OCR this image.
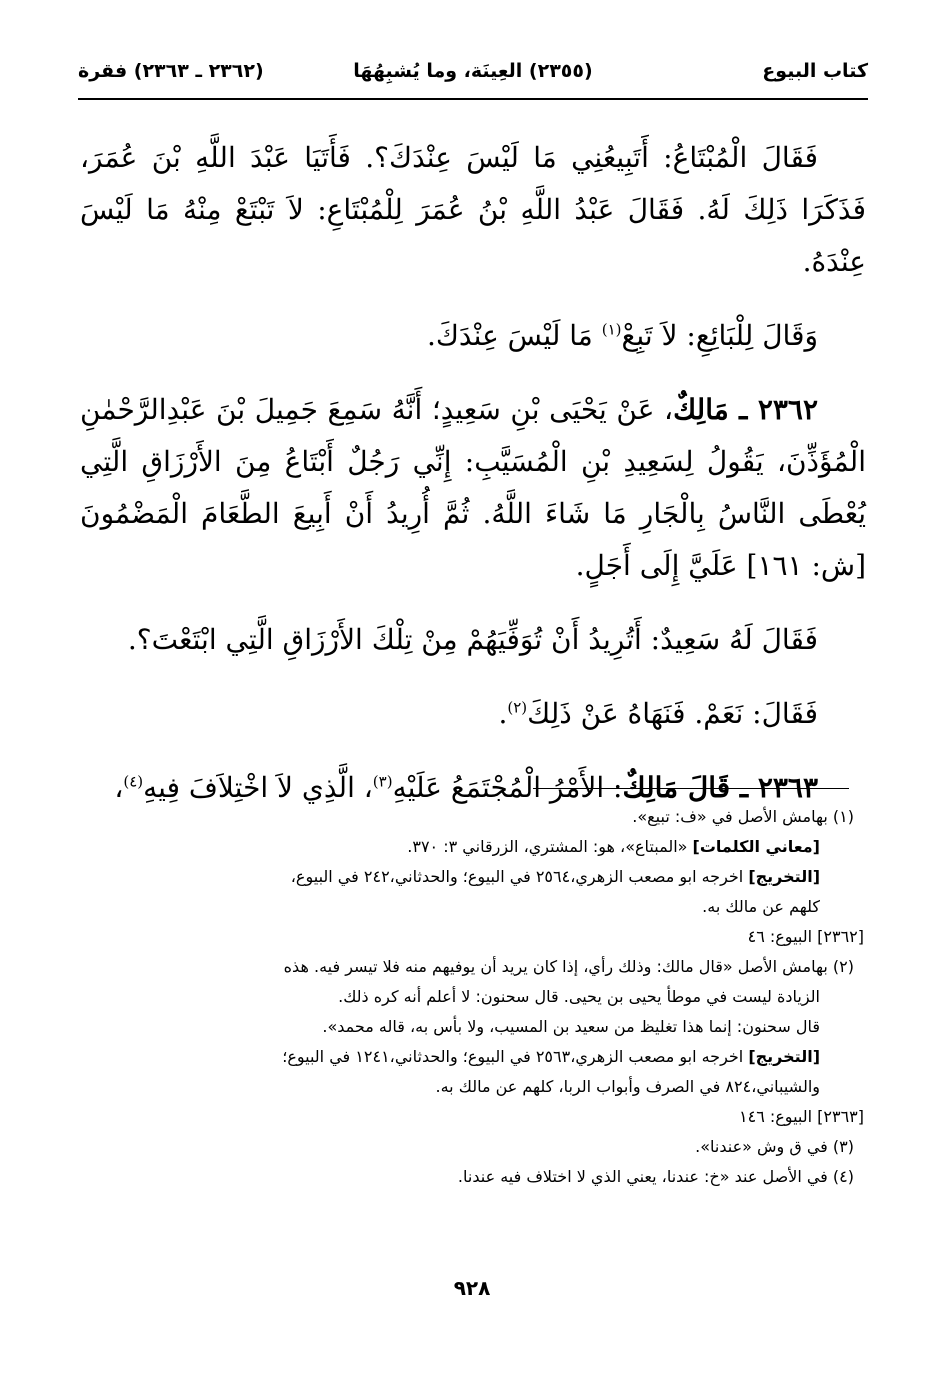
كتاب البيوع
(٢٣٥٥) العِينَة، وما يُشبِهُهَا
(٢٣٦٢ ـ ٢٣٦٣) فقرة

فَقَالَ الْمُبْتَاعُ: أَتَبِيعُنِي مَا لَيْسَ عِنْدَكَ؟. فَأَتَيَا عَبْدَ اللَّهِ بْنَ عُمَرَ، فَذَكَرَا ذَلِكَ لَهُ. فَقَالَ عَبْدُ اللَّهِ بْنُ عُمَرَ لِلْمُبْتَاعِ: لاَ تَبْتَعْ مِنْهُ مَا لَيْسَ عِنْدَهُ.

وَقَالَ لِلْبَائِعِ: لاَ تَبِعْ$^{(١)}$ مَا لَيْسَ عِنْدَكَ.

٢٣٦٢ ـ مَالِكٌ، عَنْ يَحْيَى بْنِ سَعِيدٍ؛ أَنَّهُ سَمِعَ جَمِيلَ بْنَ عَبْدِالرَّحْمٰنِ الْمُؤَذِّنَ، يَقُولُ لِسَعِيدِ بْنِ الْمُسَيَّبِ: إِنِّي رَجُلٌ أَبْتَاعُ مِنَ الأَرْزَاقِ الَّتِي يُعْطَى النَّاسُ بِالْجَارِ مَا شَاءَ اللَّهُ. ثُمَّ أُرِيدُ أَنْ أَبِيعَ الطَّعَامَ الْمَضْمُونَ [ش: ١٦١] عَلَيَّ إِلَى أَجَلٍ.

فَقَالَ لَهُ سَعِيدٌ: أَتُرِيدُ أَنْ تُوَفِّيَهُمْ مِنْ تِلْكَ الأَرْزَاقِ الَّتِي ابْتَعْتَ؟.

فَقَالَ: نَعَمْ. فَنَهَاهُ عَنْ ذَلِكَ$^{(٢)}$.

٢٣٦٣ ـ قَالَ مَالِكٌ: الأَمْرُ الْمُجْتَمَعُ عَلَيْهِ$^{(٣)}$، الَّذِي لاَ اخْتِلاَفَ فِيهِ$^{(٤)}$،

(١) بهامش الأصل في «ف: تبيع».
[معاني الكلمات] «المبتاع»، هو: المشتري، الزرقاني ٣: ٣٧٠.
[التخريج] اخرجه ابو مصعب الزهري،٢٥٦٤ في البيوع؛ والحدثاني،٢٤٢ في البيوع،
كلهم عن مالك به.
[٢٣٦٢] البيوع: ٤٦
(٢) بهامش الأصل «قال مالك: وذلك رأي، إذا كان يريد أن يوفيهم منه فلا تيسر فيه. هذه
الزيادة ليست في موطأ يحيى بن يحيى. قال سحنون: لا أعلم أنه كره ذلك.
قال سحنون: إنما هذا تغليظ من سعيد بن المسيب، ولا بأس به، قاله محمد».
[التخريج] اخرجه ابو مصعب الزهري،٢٥٦٣ في البيوع؛ والحدثاني،١٢٤١ في البيوع؛
والشيباني،٨٢٤ في الصرف وأبواب الربا، كلهم عن مالك به.
[٢٣٦٣] البيوع: ١٤٦
(٣) في ق وش «عندنا».
(٤) في الأصل عند «خ: عندنا، يعني الذي لا اختلاف فيه عندنا.
٩٢٨
